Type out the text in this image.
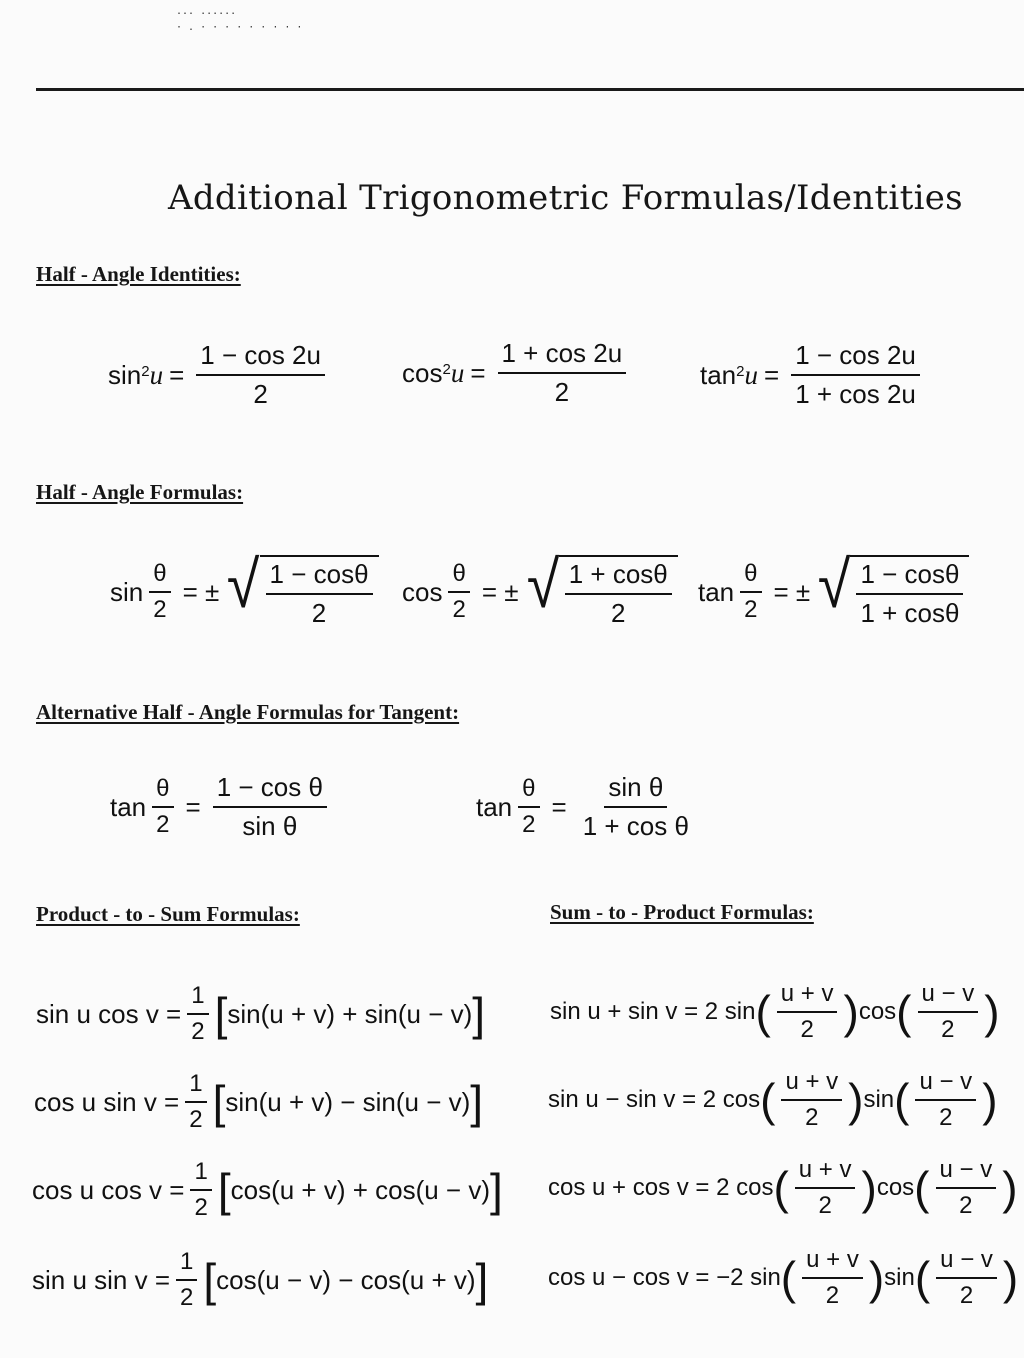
... ......
· . · · · · · · · · ·
Additional Trigonometric Formulas/Identities
Half - Angle Identities:
sin 2 $u = \frac{1 - \cos 2u}{2}$	cos 2 $u = \frac{1 + \cos 2u}{2}$	tan 2 $u = \frac{1 - \cos 2u}{1 + \cos 2u}$
Half - Angle Formulas:
$\sin \frac{\theta}{2}$ = ± √ $\frac{1 - \cos\theta}{2}$ $\cos \frac{\theta}{2}$ = ± √ $\frac{1 + \cos\theta}{2}$ $\tan \frac{\theta}{2}$ = ± √ $\frac{1 - \cos\theta}{1 + \cos\theta}$
Alternative Half - Angle Formulas for Tangent:
$\tan \frac{\theta}{2} = \frac{\text{1 − cos θ}}{\text{sin θ}}$	$\tan \frac{\theta}{2} = \frac{\text{sin θ}}{\text{1 + cos θ}}$
Product - to - Sum Formulas:	Sum - to - Product Formulas:
sin u $\cos v = \frac{1}{2}$ [ sin(u + v) + sin(u − v) ]
cos u $\sin v = \frac{1}{2}$ [ sin(u + v) − sin(u − v) ]
cos u $\cos v = \frac{1}{2}$ [ cos(u + v) + cos(u − v) ]
sin u $\sin v = \frac{1}{2}$ [ cos(u − v) − cos(u + v) ]
sin u + sin v = 2 sin ( $\frac{u + v}{2}$ ) cos ( $\frac{u - v}{2}$ )
sin u − sin v = 2 cos ( $\frac{u + v}{2}$ ) sin ( $\frac{u - v}{2}$ )
cos u + cos v = 2 cos ( $\frac{u + v}{2}$ ) cos ( $\frac{u - v}{2}$ )
cos u − cos v = −2 sin ( $\frac{u + v}{2}$ ) sin ( $\frac{u - v}{2}$ )
